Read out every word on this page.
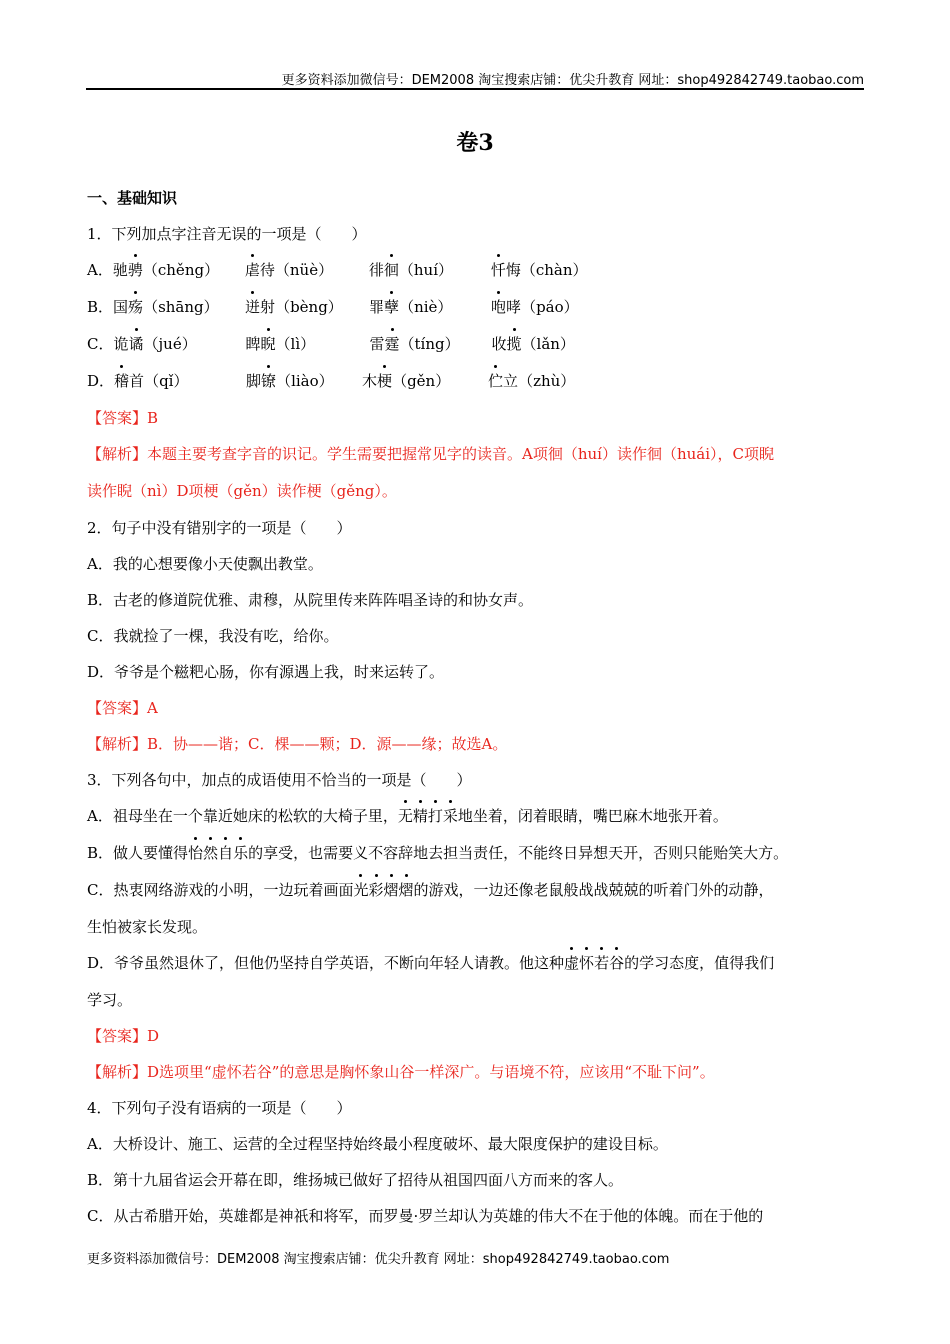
更多资料添加微信号：DEM2008 淘宝搜索店铺：优尖升教育 网址：shop492842749.taobao.com
卷3
一、基础知识
1．下列加点字注音无误的一项是（　　）
A．驰骋（chěng） 虐待（nüè） 徘徊（huí）	忏悔（chàn）
B．国殇（shāng） 迸射（bèng） 罪孽（niè）	咆哮（páo）
C．诡谲（jué）	睥睨（lì）	雷霆（tíng） 收揽（lǎn）
D．稽首（qǐ）	脚镣（liào） 木梗（gěn）	伫立（zhù）
【答案】B
【解析】本题主要考查字音的识记。学生需要把握常见字的读音。A项徊（huí）读作徊（huái），C项睨
读作睨（nì）D项梗（gěn）读作梗（gěng）。
2．句子中没有错别字的一项是（　　）
A．我的心想要像小天使飘出教堂。
B．古老的修道院优雅、肃穆，从院里传来阵阵唱圣诗的和协女声。
C．我就捡了一棵，我没有吃，给你。
D．爷爷是个糍粑心肠，你有源遇上我，时来运转了。
【答案】A
【解析】B．协——谐；C．棵——颗；D．源——缘；故选A。
3．下列各句中，加点的成语使用不恰当的一项是（　　）
A．祖母坐在一个靠近她床的松软的大椅子里，无精打采地坐着，闭着眼睛，嘴巴麻木地张开着。
B．做人要懂得怡然自乐的享受，也需要义不容辞地去担当责任，不能终日异想天开，否则只能贻笑大方。
C．热衷网络游戏的小明，一边玩着画面光彩熠熠的游戏，一边还像老鼠般战战兢兢的听着门外的动静，
生怕被家长发现。
D．爷爷虽然退休了，但他仍坚持自学英语，不断向年轻人请教。他这种虚怀若谷的学习态度，值得我们
学习。
【答案】D
【解析】D选项里“虚怀若谷”的意思是胸怀象山谷一样深广。与语境不符，应该用“不耻下问”。
4．下列句子没有语病的一项是（　　）
A．大桥设计、施工、运营的全过程坚持始终最小程度破坏、最大限度保护的建设目标。
B．第十九届省运会开幕在即，维扬城已做好了招待从祖国四面八方而来的客人。
C．从古希腊开始，英雄都是神祇和将军，而罗曼·罗兰却认为英雄的伟大不在于他的体魄。而在于他的
更多资料添加微信号：DEM2008 淘宝搜索店铺：优尖升教育 网址：shop492842749.taobao.com
